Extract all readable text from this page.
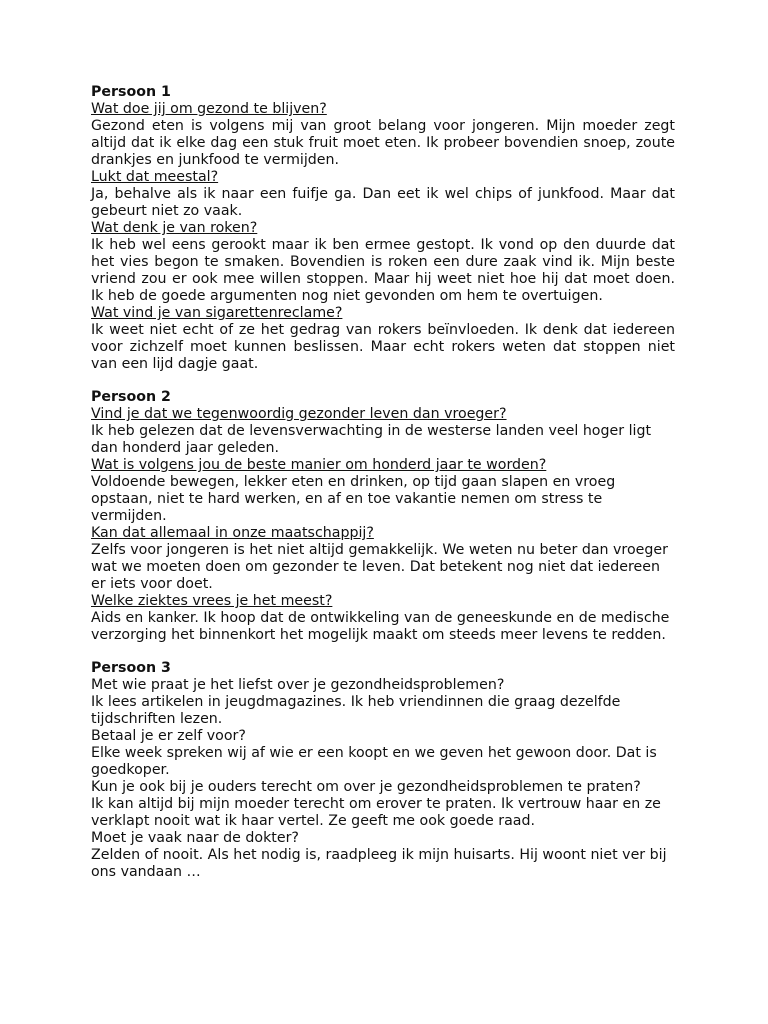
Persoon 1

Wat doe jij om gezond te blijven?

Gezond eten is volgens mij van groot belang voor jongeren. Mijn moeder zegt altijd dat ik elke dag een stuk fruit moet eten. Ik probeer bovendien snoep, zoute drankjes en junkfood te vermijden.

Lukt dat meestal?

Ja, behalve als ik naar een fuifje ga. Dan eet ik wel chips of junkfood. Maar dat gebeurt niet zo vaak.

Wat denk je van roken?

Ik heb wel eens gerookt maar ik ben ermee gestopt. Ik vond op den duurde dat het vies begon te smaken. Bovendien is roken een dure zaak vind ik. Mijn beste vriend zou er ook mee willen stoppen. Maar hij weet niet hoe hij dat moet doen. Ik heb de goede argumenten nog niet gevonden om hem te overtuigen.

Wat vind je van sigarettenreclame?

Ik weet niet echt of ze het gedrag van rokers beïnvloeden. Ik denk dat iedereen voor zichzelf moet kunnen beslissen. Maar echt rokers weten dat stoppen niet van een lijd dagje gaat.

Persoon 2

Vind je dat we tegenwoordig gezonder leven dan vroeger?

Ik heb gelezen dat de levensverwachting in de westerse landen veel hoger ligt dan honderd jaar geleden.

Wat is volgens jou de beste manier om honderd jaar te worden?

Voldoende bewegen, lekker eten en drinken, op tijd gaan slapen en vroeg opstaan, niet te hard werken, en af en toe vakantie nemen om stress te vermijden.

Kan dat allemaal in onze maatschappij?

Zelfs voor jongeren is het niet altijd gemakkelijk. We weten nu beter dan vroeger wat we moeten doen om gezonder te leven. Dat betekent nog niet dat iedereen er iets voor doet.

Welke ziektes vrees je het meest?

Aids en kanker. Ik hoop dat de ontwikkeling van de geneeskunde en de medische verzorging het binnenkort het mogelijk maakt om steeds meer levens te redden.

Persoon 3

Met wie praat je het liefst over je gezondheidsproblemen?

Ik lees artikelen in jeugdmagazines. Ik heb vriendinnen die graag dezelfde tijdschriften lezen.

Betaal je er zelf voor?

Elke week spreken wij af wie er een koopt en we geven het gewoon door. Dat is goedkoper.

Kun je ook bij je ouders terecht om over je gezondheidsproblemen te praten?

Ik kan altijd bij mijn moeder terecht om erover te praten. Ik vertrouw haar en ze verklapt nooit wat ik haar vertel. Ze geeft me ook goede raad.

Moet je vaak naar de dokter?

Zelden of nooit. Als het nodig is, raadpleeg ik mijn huisarts. Hij woont niet ver bij ons vandaan …
